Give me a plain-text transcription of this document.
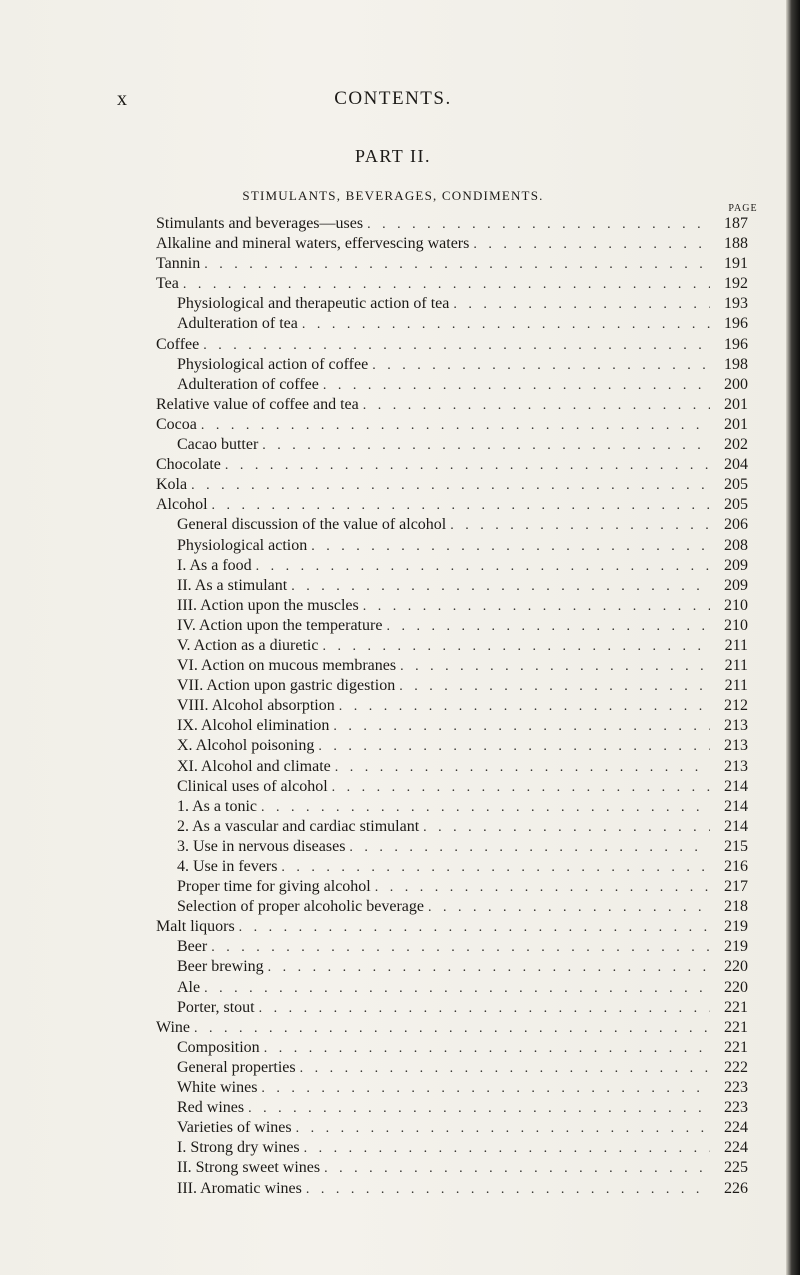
x	CONTENTS.
PART II.
STIMULANTS, BEVERAGES, CONDIMENTS.
PAGE
Stimulants and beverages—uses . . .	187
Alkaline and mineral waters, effervescing waters . . .	188
Tannin . . .	191
Tea . . .	192
Physiological and therapeutic action of tea . . .	193
Adulteration of tea . . .	196
Coffee . . .	196
Physiological action of coffee . . .	198
Adulteration of coffee . . .	200
Relative value of coffee and tea . . .	201
Cocoa . . .	201
Cacao butter . . .	202
Chocolate . . .	204
Kola . . .	205
Alcohol . . .	205
General discussion of the value of alcohol . . .	206
Physiological action . . .	208
I. As a food . . .	209
II. As a stimulant . . .	209
III. Action upon the muscles . . .	210
IV. Action upon the temperature . . .	210
V. Action as a diuretic . . .	211
VI. Action on mucous membranes . . .	211
VII. Action upon gastric digestion . . .	211
VIII. Alcohol absorption . . .	212
IX. Alcohol elimination . . .	213
X. Alcohol poisoning . . .	213
XI. Alcohol and climate . . .	213
Clinical uses of alcohol . . .	214
1. As a tonic . . .	214
2. As a vascular and cardiac stimulant . . .	214
3. Use in nervous diseases . . .	215
4. Use in fevers . . .	216
Proper time for giving alcohol . . .	217
Selection of proper alcoholic beverage . . .	218
Malt liquors . . .	219
Beer . . .	219
Beer brewing . . .	220
Ale . . .	220
Porter, stout . . .	221
Wine . . .	221
Composition . . .	221
General properties . . .	222
White wines . . .	223
Red wines . . .	223
Varieties of wines . . .	224
I. Strong dry wines . . .	224
II. Strong sweet wines . . .	225
III. Aromatic wines . . .	226
